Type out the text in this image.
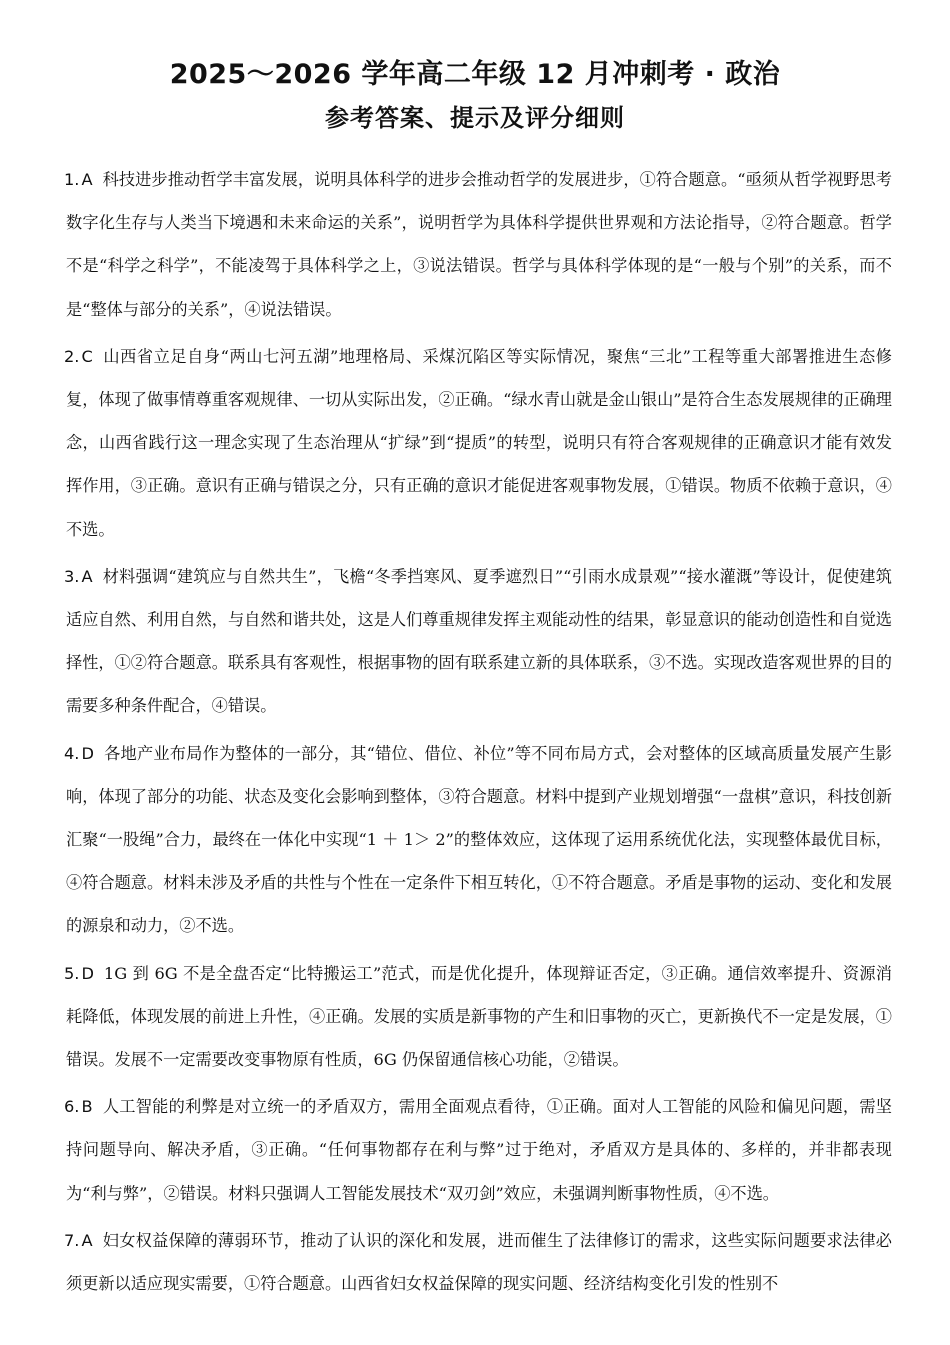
2025～2026 学年高二年级 12 月冲刺考 · 政治
参考答案、提示及评分细则

1. A 科技进步推动哲学丰富发展，说明具体科学的进步会推动哲学的发展进步，①符合题意。“亟须从哲学视野思考数字化生存与人类当下境遇和未来命运的关系”，说明哲学为具体科学提供世界观和方法论指导，②符合题意。哲学不是“科学之科学”，不能凌驾于具体科学之上，③说法错误。哲学与具体科学体现的是“一般与个别”的关系，而不是“整体与部分的关系”，④说法错误。

2. C 山西省立足自身“两山七河五湖”地理格局、采煤沉陷区等实际情况，聚焦“三北”工程等重大部署推进生态修复，体现了做事情尊重客观规律、一切从实际出发，②正确。“绿水青山就是金山银山”是符合生态发展规律的正确理念，山西省践行这一理念实现了生态治理从“扩绿”到“提质”的转型，说明只有符合客观规律的正确意识才能有效发挥作用，③正确。意识有正确与错误之分，只有正确的意识才能促进客观事物发展，①错误。物质不依赖于意识，④不选。

3. A 材料强调“建筑应与自然共生”，飞檐“冬季挡寒风、夏季遮烈日”“引雨水成景观”“接水灌溉”等设计，促使建筑适应自然、利用自然，与自然和谐共处，这是人们尊重规律发挥主观能动性的结果，彰显意识的能动创造性和自觉选择性，①②符合题意。联系具有客观性，根据事物的固有联系建立新的具体联系，③不选。实现改造客观世界的目的需要多种条件配合，④错误。

4. D 各地产业布局作为整体的一部分，其“错位、借位、补位”等不同布局方式，会对整体的区域高质量发展产生影响，体现了部分的功能、状态及变化会影响到整体，③符合题意。材料中提到产业规划增强“一盘棋”意识，科技创新汇聚“一股绳”合力，最终在一体化中实现“1 ＋ 1＞ 2”的整体效应，这体现了运用系统优化法，实现整体最优目标，④符合题意。材料未涉及矛盾的共性与个性在一定条件下相互转化，①不符合题意。矛盾是事物的运动、变化和发展的源泉和动力，②不选。

5. D 1G 到 6G 不是全盘否定“比特搬运工”范式，而是优化提升，体现辩证否定，③正确。通信效率提升、资源消耗降低，体现发展的前进上升性，④正确。发展的实质是新事物的产生和旧事物的灭亡，更新换代不一定是发展，①错误。发展不一定需要改变事物原有性质，6G 仍保留通信核心功能，②错误。

6. B 人工智能的利弊是对立统一的矛盾双方，需用全面观点看待，①正确。面对人工智能的风险和偏见问题，需坚持问题导向、解决矛盾，③正确。“任何事物都存在利与弊”过于绝对，矛盾双方是具体的、多样的，并非都表现为“利与弊”，②错误。材料只强调人工智能发展技术“双刃剑”效应，未强调判断事物性质，④不选。

7. A 妇女权益保障的薄弱环节，推动了认识的深化和发展，进而催生了法律修订的需求，这些实际问题要求法律必须更新以适应现实需要，①符合题意。山西省妇女权益保障的现实问题、经济结构变化引发的性别不
